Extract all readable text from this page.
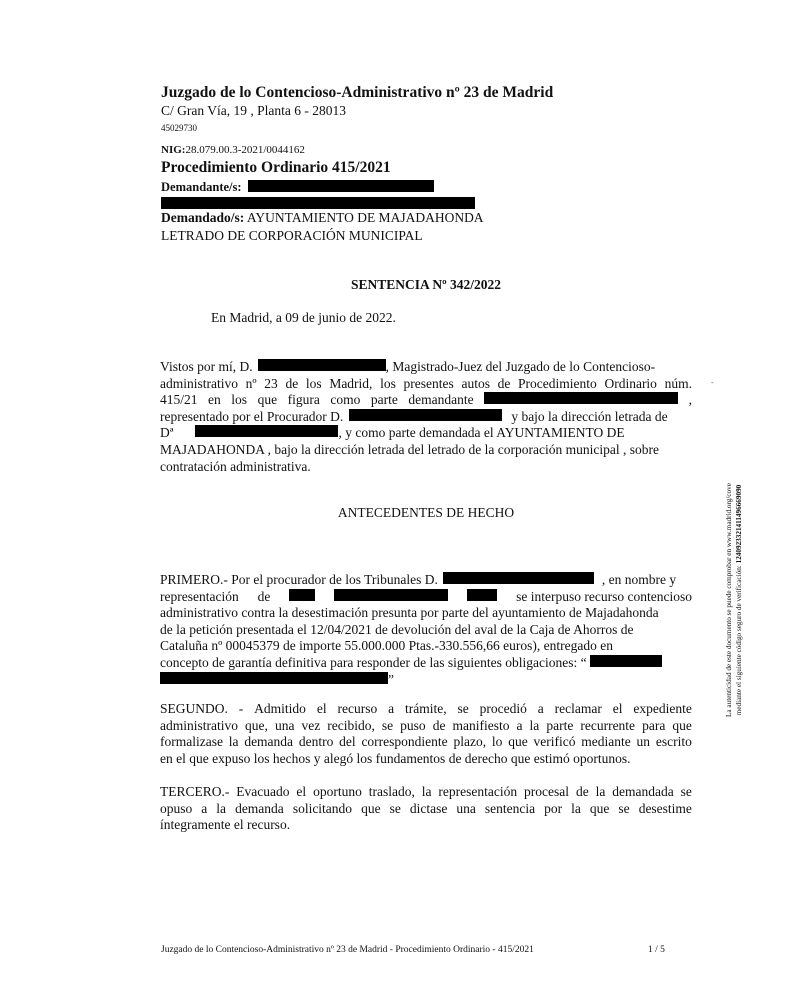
Juzgado de lo Contencioso-Administrativo nº 23 de Madrid
C/ Gran Vía, 19 , Planta 6 - 28013
45029730
NIG:28.079.00.3-2021/0044162
Procedimiento Ordinario 415/2021
Demandante/s:
Demandado/s: AYUNTAMIENTO DE MAJADAHONDA
LETRADO DE CORPORACIÓN MUNICIPAL
SENTENCIA Nº 342/2022
En Madrid, a 09 de junio de 2022.
-
Vistos por mí, D.	, Magistrado-Juez del Juzgado de lo Contencioso-
administrativo nº 23 de los Madrid, los presentes autos de Procedimiento Ordinario núm.
415/21 en los que figura como parte demandante	,
representado por el Procurador D.	y bajo la dirección letrada de
Dª	, y como parte demandada el AYUNTAMIENTO DE
MAJADAHONDA , bajo la dirección letrada del letrado de la corporación municipal , sobre
contratación administrativa.
ANTECEDENTES DE HECHO
PRIMERO.- Por el procurador de los Tribunales D.	, en nombre y
representación de	se interpuso recurso contencioso
administrativo contra la desestimación presunta por parte del ayuntamiento de Majadahonda
de la petición presentada el 12/04/2021 de devolución del aval de la Caja de Ahorros de
Cataluña nº 00045379 de importe 55.000.000 Ptas.-330.556,66 euros), entregado en
concepto de garantía definitiva para responder de las siguientes obligaciones: “
”
SEGUNDO. - Admitido el recurso a trámite, se procedió a reclamar el expediente
administrativo que, una vez recibido, se puso de manifiesto a la parte recurrente para que
formalizase la demanda dentro del correspondiente plazo, lo que verificó mediante un escrito
en el que expuso los hechos y alegó los fundamentos de derecho que estimó oportunos.
TERCERO.- Evacuado el oportuno traslado, la representación procesal de la demandada se
opuso a la demanda solicitando que se dictase una sentencia por la que se desestime
íntegramente el recurso.
La autenticidad de este documento se puede comprobar en www.madrid.org/cove mediante el siguiente código seguro de verificación: 1240923321411496669090
Juzgado de lo Contencioso-Administrativo nº 23 de Madrid - Procedimiento Ordinario - 415/2021	1 / 5
